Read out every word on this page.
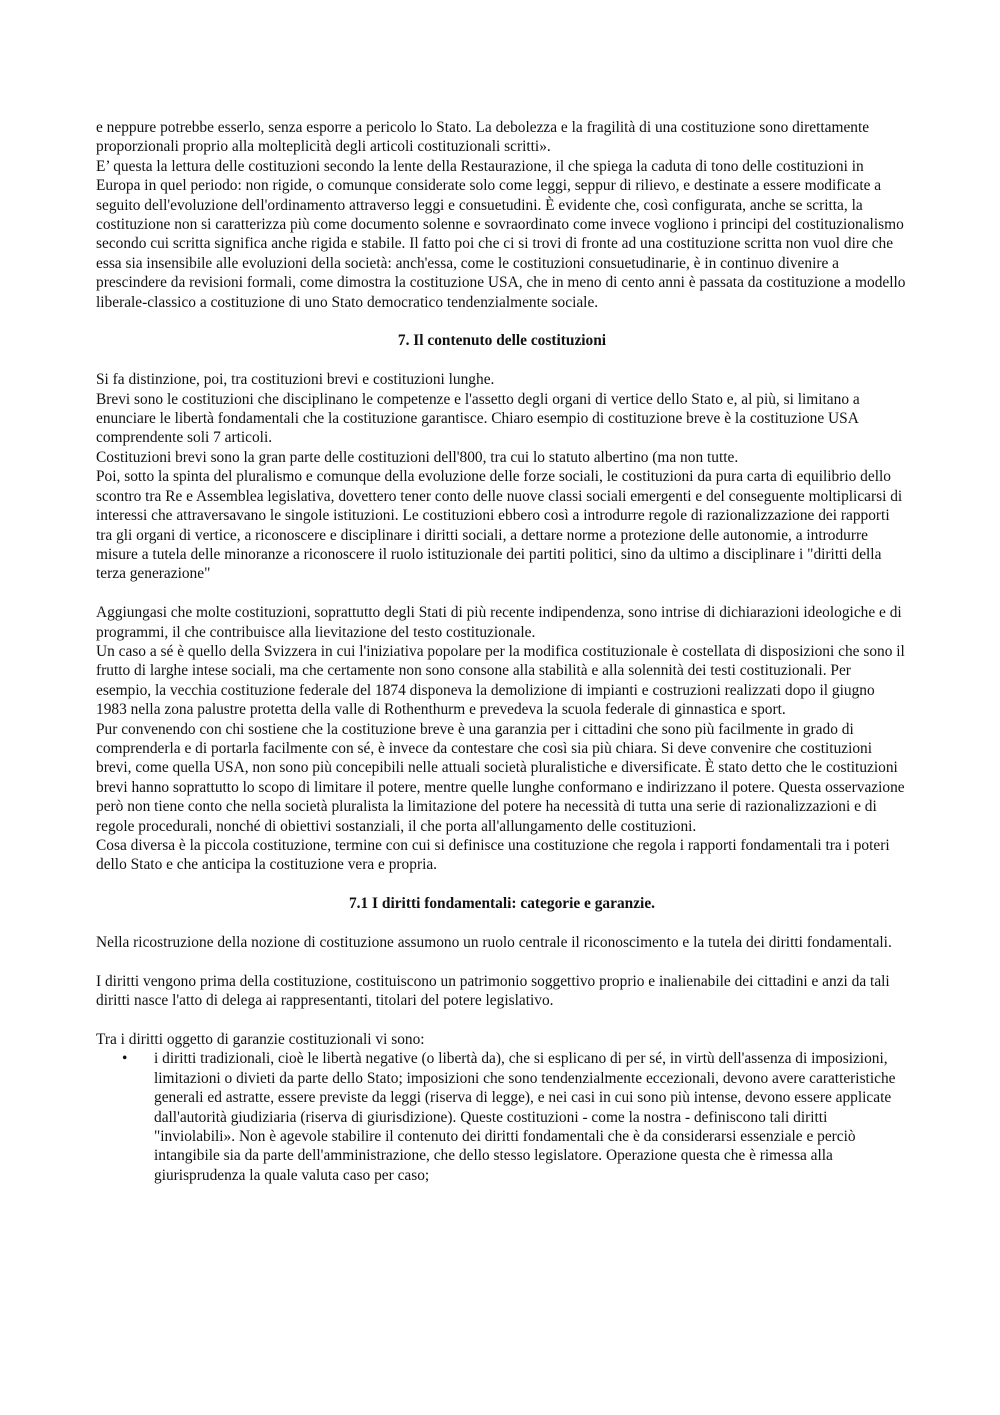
e neppure potrebbe esserlo, senza esporre a pericolo lo Stato. La debolezza e la fragilità di una costituzione sono direttamente proporzionali proprio alla molteplicità degli articoli costituzionali scritti».

E’ questa la lettura delle costituzioni secondo la lente della Restaurazione, il che spiega la caduta di tono delle costituzioni in Europa in quel periodo: non rigide, o comunque considerate solo come leggi, seppur di rilievo, e destinate a essere modificate a seguito dell'evoluzione dell'ordinamento attraverso leggi e consuetudini. È evidente che, così configurata, anche se scritta, la costituzione non si caratterizza più come documento solenne e sovraordinato come invece vogliono i principi del costituzionalismo secondo cui scritta significa anche rigida e stabile. Il fatto poi che ci si trovi di fronte ad una costituzione scritta non vuol dire che essa sia insensibile alle evoluzioni della società: anch'essa, come le costituzioni consuetudinarie, è in continuo divenire a prescindere da revisioni formali, come dimostra la costituzione USA, che in meno di cento anni è passata da costituzione a modello liberale-classico a costituzione di uno Stato democratico tendenzialmente sociale.

7. Il contenuto delle costituzioni

Si fa distinzione, poi, tra costituzioni brevi e costituzioni lunghe.

Brevi sono le costituzioni che disciplinano le competenze e l'assetto degli organi di vertice dello Stato e, al più, si limitano a enunciare le libertà fondamentali che la costituzione garantisce. Chiaro esempio di costituzione breve è la costituzione USA comprendente soli 7 articoli.

Costituzioni brevi sono la gran parte delle costituzioni dell'800, tra cui lo statuto albertino (ma non tutte.

Poi, sotto la spinta del pluralismo e comunque della evoluzione delle forze sociali, le costituzioni da pura carta di equilibrio dello scontro tra Re e Assemblea legislativa, dovettero tener conto delle nuove classi sociali emergenti e del conseguente moltiplicarsi di interessi che attraversavano le singole istituzioni. Le costituzioni ebbero così a introdurre regole di razionalizzazione dei rapporti tra gli organi di vertice, a riconoscere e disciplinare i diritti sociali, a dettare norme a protezione delle autonomie, a introdurre misure a tutela delle minoranze a riconoscere il ruolo istituzionale dei partiti politici, sino da ultimo a disciplinare i "diritti della terza generazione"

Aggiungasi che molte costituzioni, soprattutto degli Stati di più recente indipendenza, sono intrise di dichiarazioni ideologiche e di programmi, il che contribuisce alla lievitazione del testo costituzionale.

Un caso a sé è quello della Svizzera in cui l'iniziativa popolare per la modifica costituzionale è costellata di disposizioni che sono il frutto di larghe intese sociali, ma che certamente non sono consone alla stabilità e alla solennità dei testi costituzionali. Per esempio, la vecchia costituzione federale del 1874 disponeva la demolizione di impianti e costruzioni realizzati dopo il giugno 1983 nella zona palustre protetta della valle di Rothenthurm e prevedeva la scuola federale di ginnastica e sport.

Pur convenendo con chi sostiene che la costituzione breve è una garanzia per i cittadini che sono più facilmente in grado di comprenderla e di portarla facilmente con sé, è invece da contestare che così sia più chiara. Si deve convenire che costituzioni brevi, come quella USA, non sono più concepibili nelle attuali società pluralistiche e diversificate. È stato detto che le costituzioni brevi hanno soprattutto lo scopo di limitare il potere, mentre quelle lunghe conformano e indirizzano il potere. Questa osservazione però non tiene conto che nella società pluralista la limitazione del potere ha necessità di tutta una serie di razionalizzazioni e di regole procedurali, nonché di obiettivi sostanziali, il che porta all'allungamento delle costituzioni.

Cosa diversa è la piccola costituzione, termine con cui si definisce una costituzione che regola i rapporti fondamentali tra i poteri dello Stato e che anticipa la costituzione vera e propria.

7.1 I diritti fondamentali: categorie e garanzie.

Nella ricostruzione della nozione di costituzione assumono un ruolo centrale il riconoscimento e la tutela dei diritti fondamentali.

I diritti vengono prima della costituzione, costituiscono un patrimonio soggettivo proprio e inalienabile dei cittadini e anzi da tali diritti nasce l'atto di delega ai rappresentanti, titolari del potere legislativo.

Tra i diritti oggetto di garanzie costituzionali vi sono:

• i diritti tradizionali, cioè le libertà negative (o libertà da), che si esplicano di per sé, in virtù dell'assenza di imposizioni, limitazioni o divieti da parte dello Stato; imposizioni che sono tendenzialmente eccezionali, devono avere caratteristiche generali ed astratte, essere previste da leggi (riserva di legge), e nei casi in cui sono più intense, devono essere applicate dall'autorità giudiziaria (riserva di giurisdizione). Queste costituzioni - come la nostra - definiscono tali diritti "inviolabili». Non è agevole stabilire il contenuto dei diritti fondamentali che è da considerarsi essenziale e perciò intangibile sia da parte dell'amministrazione, che dello stesso legislatore. Operazione questa che è rimessa alla giurisprudenza la quale valuta caso per caso;
